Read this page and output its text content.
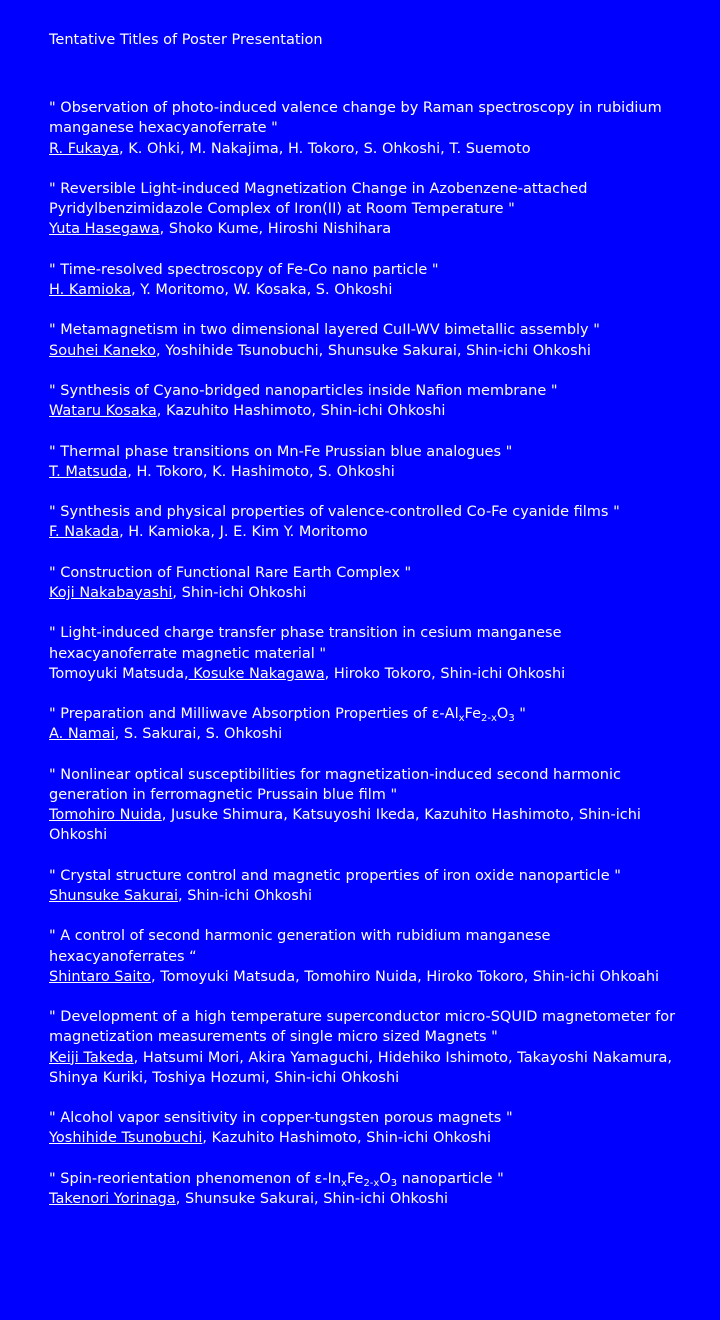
Tentative Titles of Poster Presentation

" Observation of photo-induced valence change by Raman spectroscopy in rubidium manganese hexacyanoferrate "

R. Fukaya, K. Ohki, M. Nakajima, H. Tokoro, S. Ohkoshi, T. Suemoto

" Reversible Light-induced Magnetization Change in Azobenzene-attached Pyridylbenzimidazole Complex of Iron(II) at Room Temperature "

Yuta Hasegawa, Shoko Kume, Hiroshi Nishihara

" Time-resolved spectroscopy of Fe-Co nano particle "

H. Kamioka, Y. Moritomo, W. Kosaka, S. Ohkoshi

" Metamagnetism in two dimensional layered CuII-WV bimetallic assembly "

Souhei Kaneko, Yoshihide Tsunobuchi, Shunsuke Sakurai, Shin-ichi Ohkoshi

" Synthesis of Cyano-bridged nanoparticles inside Nafion membrane "

Wataru Kosaka, Kazuhito Hashimoto, Shin-ichi Ohkoshi

" Thermal phase transitions on Mn-Fe Prussian blue analogues "

T. Matsuda, H. Tokoro, K. Hashimoto, S. Ohkoshi

" Synthesis and physical properties of valence-controlled Co-Fe cyanide films "

F. Nakada, H. Kamioka, J. E. Kim Y. Moritomo

" Construction of Functional Rare Earth Complex "

Koji Nakabayashi, Shin-ichi Ohkoshi

" Light-induced charge transfer phase transition in cesium manganese hexacyanoferrate magnetic material "

Tomoyuki Matsuda, Kosuke Nakagawa, Hiroko Tokoro, Shin-ichi Ohkoshi

" Preparation and Milliwave Absorption Properties of $\varepsilon-Al_xFe_{2-x}O_3$ "

A. Namai, S. Sakurai, S. Ohkoshi

" Nonlinear optical susceptibilities for magnetization-induced second harmonic generation in ferromagnetic Prussain blue film "

Tomohiro Nuida, Jusuke Shimura, Katsuyoshi Ikeda, Kazuhito Hashimoto, Shin-ichi Ohkoshi

" Crystal structure control and magnetic properties of iron oxide nanoparticle "

Shunsuke Sakurai, Shin-ichi Ohkoshi

" A control of second harmonic generation with rubidium manganese hexacyanoferrates “

Shintaro Saito, Tomoyuki Matsuda, Tomohiro Nuida, Hiroko Tokoro, Shin-ichi Ohkoahi

" Development of a high temperature superconductor micro-SQUID magnetometer for magnetization measurements of single micro sized Magnets "

Keiji Takeda, Hatsumi Mori, Akira Yamaguchi, Hidehiko Ishimoto, Takayoshi Nakamura, Shinya Kuriki, Toshiya Hozumi, Shin-ichi Ohkoshi

" Alcohol vapor sensitivity in copper-tungsten porous magnets "

Yoshihide Tsunobuchi, Kazuhito Hashimoto, Shin-ichi Ohkoshi

" Spin-reorientation phenomenon of $\varepsilon-In_xFe_{2-x}O_3$ nanoparticle "

Takenori Yorinaga, Shunsuke Sakurai, Shin-ichi Ohkoshi
